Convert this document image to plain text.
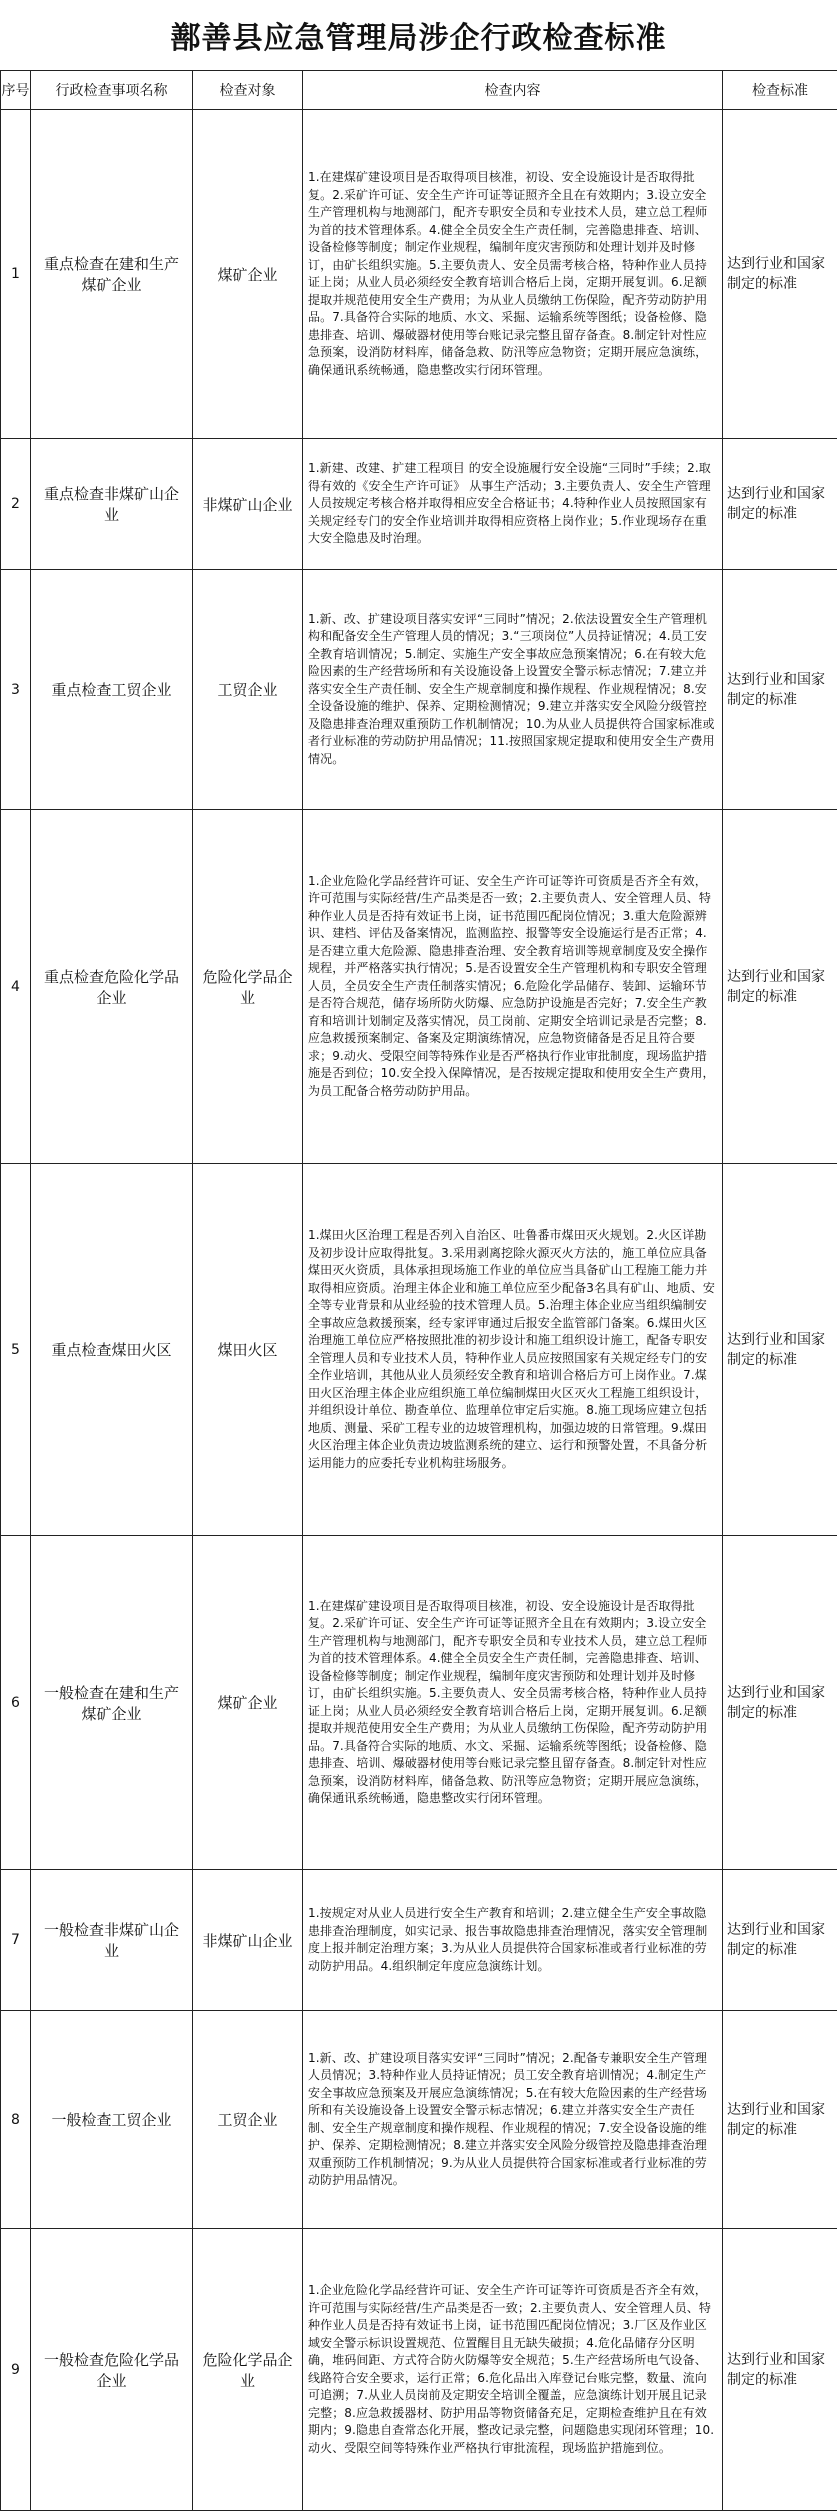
鄯善县应急管理局涉企行政检查标准
序号	行政检查事项名称	检查对象	检查内容	检查标准
1	重点检查在建和生产煤矿企业	煤矿企业	1.在建煤矿建设项目是否取得项目核准，初设、安全设施设计是否取得批复。2.采矿许可证、安全生产许可证等证照齐全且在有效期内；3.设立安全生产管理机构与地测部门，配齐专职安全员和专业技术人员，建立总工程师为首的技术管理体系。4.健全全员安全生产责任制，完善隐患排查、培训、设备检修等制度；制定作业规程，编制年度灾害预防和处理计划并及时修订，由矿长组织实施。5.主要负责人、安全员需考核合格，特种作业人员持证上岗；从业人员必须经安全教育培训合格后上岗，定期开展复训。6.足额提取并规范使用安全生产费用；为从业人员缴纳工伤保险，配齐劳动防护用品。7.具备符合实际的地质、水文、采掘、运输系统等图纸；设备检修、隐患排查、培训、爆破器材使用等台账记录完整且留存备查。8.制定针对性应急预案，设消防材料库，储备急救、防汛等应急物资；定期开展应急演练，确保通讯系统畅通，隐患整改实行闭环管理。	达到行业和国家制定的标准
2	重点检查非煤矿山企业	非煤矿山企业	1.新建、改建、扩建工程项目 的安全设施履行安全设施“三同时”手续；2.取得有效的《安全生产许可证》 从事生产活动；3.主要负责人、安全生产管理人员按规定考核合格并取得相应安全合格证书；4.特种作业人员按照国家有关规定经专门的安全作业培训并取得相应资格上岗作业；5.作业现场存在重大安全隐患及时治理。	达到行业和国家制定的标准
3	重点检查工贸企业	工贸企业	1.新、改、扩建设项目落实安评“三同时”情况；2.依法设置安全生产管理机构和配备安全生产管理人员的情况；3.“三项岗位”人员持证情况；4.员工安全教育培训情况；5.制定、实施生产安全事故应急预案情况；6.在有较大危险因素的生产经营场所和有关设施设备上设置安全警示标志情况；7.建立并落实安全生产责任制、安全生产规章制度和操作规程、作业规程情况；8.安全设备设施的维护、保养、定期检测情况；9.建立并落实安全风险分级管控及隐患排查治理双重预防工作机制情况；10.为从业人员提供符合国家标准或者行业标准的劳动防护用品情况；11.按照国家规定提取和使用安全生产费用情况。	达到行业和国家制定的标准
4	重点检查危险化学品企业	危险化学品企业	1.企业危险化学品经营许可证、安全生产许可证等许可资质是否齐全有效，许可范围与实际经营/生产品类是否一致；2.主要负责人、安全管理人员、特种作业人员是否持有效证书上岗，证书范围匹配岗位情况；3.重大危险源辨识、建档、评估及备案情况，监测监控、报警等安全设施运行是否正常；4.是否建立重大危险源、隐患排查治理、安全教育培训等规章制度及安全操作规程，并严格落实执行情况；5.是否设置安全生产管理机构和专职安全管理人员，全员安全生产责任制落实情况；6.危险化学品储存、装卸、运输环节是否符合规范，储存场所防火防爆、应急防护设施是否完好；7.安全生产教育和培训计划制定及落实情况，员工岗前、定期安全培训记录是否完整；8.应急救援预案制定、备案及定期演练情况，应急物资储备是否足且符合要求；9.动火、受限空间等特殊作业是否严格执行作业审批制度，现场监护措施是否到位；10.安全投入保障情况，是否按规定提取和使用安全生产费用，为员工配备合格劳动防护用品。	达到行业和国家制定的标准
5	重点检查煤田火区	煤田火区	1.煤田火区治理工程是否列入自治区、吐鲁番市煤田灭火规划。2.火区详勘及初步设计应取得批复。3.采用剥离挖除火源灭火方法的，施工单位应具备煤田灭火资质，具体承担现场施工作业的单位应当具备矿山工程施工能力并取得相应资质。治理主体企业和施工单位应至少配备3名具有矿山、地质、安全等专业背景和从业经验的技术管理人员。5.治理主体企业应当组织编制安全事故应急救援预案，经专家评审通过后报安全监管部门备案。6.煤田火区治理施工单位应严格按照批准的初步设计和施工组织设计施工，配备专职安全管理人员和专业技术人员，特种作业人员应按照国家有关规定经专门的安全作业培训，其他从业人员须经安全教育和培训合格后方可上岗作业。7.煤田火区治理主体企业应组织施工单位编制煤田火区灭火工程施工组织设计，并组织设计单位、勘查单位、监理单位审定后实施。8.施工现场应建立包括地质、测量、采矿工程专业的边坡管理机构，加强边坡的日常管理。9.煤田火区治理主体企业负责边坡监测系统的建立、运行和预警处置，不具备分析运用能力的应委托专业机构驻场服务。	达到行业和国家制定的标准
6	一般检查在建和生产煤矿企业	煤矿企业	1.在建煤矿建设项目是否取得项目核准，初设、安全设施设计是否取得批复。2.采矿许可证、安全生产许可证等证照齐全且在有效期内；3.设立安全生产管理机构与地测部门，配齐专职安全员和专业技术人员，建立总工程师为首的技术管理体系。4.健全全员安全生产责任制，完善隐患排查、培训、设备检修等制度；制定作业规程，编制年度灾害预防和处理计划并及时修订，由矿长组织实施。5.主要负责人、安全员需考核合格，特种作业人员持证上岗；从业人员必须经安全教育培训合格后上岗，定期开展复训。6.足额提取并规范使用安全生产费用；为从业人员缴纳工伤保险，配齐劳动防护用品。7.具备符合实际的地质、水文、采掘、运输系统等图纸；设备检修、隐患排查、培训、爆破器材使用等台账记录完整且留存备查。8.制定针对性应急预案，设消防材料库，储备急救、防汛等应急物资；定期开展应急演练，确保通讯系统畅通，隐患整改实行闭环管理。	达到行业和国家制定的标准
7	一般检查非煤矿山企业	非煤矿山企业	1.按规定对从业人员进行安全生产教育和培训；2.建立健全生产安全事故隐患排查治理制度，如实记录、报告事故隐患排查治理情况，落实安全管理制度上报并制定治理方案；3.为从业人员提供符合国家标准或者行业标准的劳动防护用品。4.组织制定年度应急演练计划。	达到行业和国家制定的标准
8	一般检查工贸企业	工贸企业	1.新、改、扩建设项目落实安评“三同时”情况；2.配备专兼职安全生产管理人员情况；3.特种作业人员持证情况；员工安全教育培训情况；4.制定生产安全事故应急预案及开展应急演练情况；5.在有较大危险因素的生产经营场所和有关设施设备上设置安全警示标志情况；6.建立并落实安全生产责任制、安全生产规章制度和操作规程、作业规程的情况；7.安全设备设施的维护、保养、定期检测情况；8.建立并落实安全风险分级管控及隐患排查治理双重预防工作机制情况；9.为从业人员提供符合国家标准或者行业标准的劳动防护用品情况。	达到行业和国家制定的标准
9	一般检查危险化学品企业	危险化学品企业	1.企业危险化学品经营许可证、安全生产许可证等许可资质是否齐全有效，许可范围与实际经营/生产品类是否一致；2.主要负责人、安全管理人员、特种作业人员是否持有效证书上岗，证书范围匹配岗位情况；3.厂区及作业区域安全警示标识设置规范、位置醒目且无缺失破损；4.危化品储存分区明确，堆码间距、方式符合防火防爆等安全规范；5.生产经营场所电气设备、线路符合安全要求，运行正常；6.危化品出入库登记台账完整，数量、流向可追溯；7.从业人员岗前及定期安全培训全覆盖，应急演练计划开展且记录完整；8.应急救援器材、防护用品等物资储备充足，定期检查维护且在有效期内；9.隐患自查常态化开展，整改记录完整，问题隐患实现闭环管理；10.动火、受限空间等特殊作业严格执行审批流程，现场监护措施到位。	达到行业和国家制定的标准
